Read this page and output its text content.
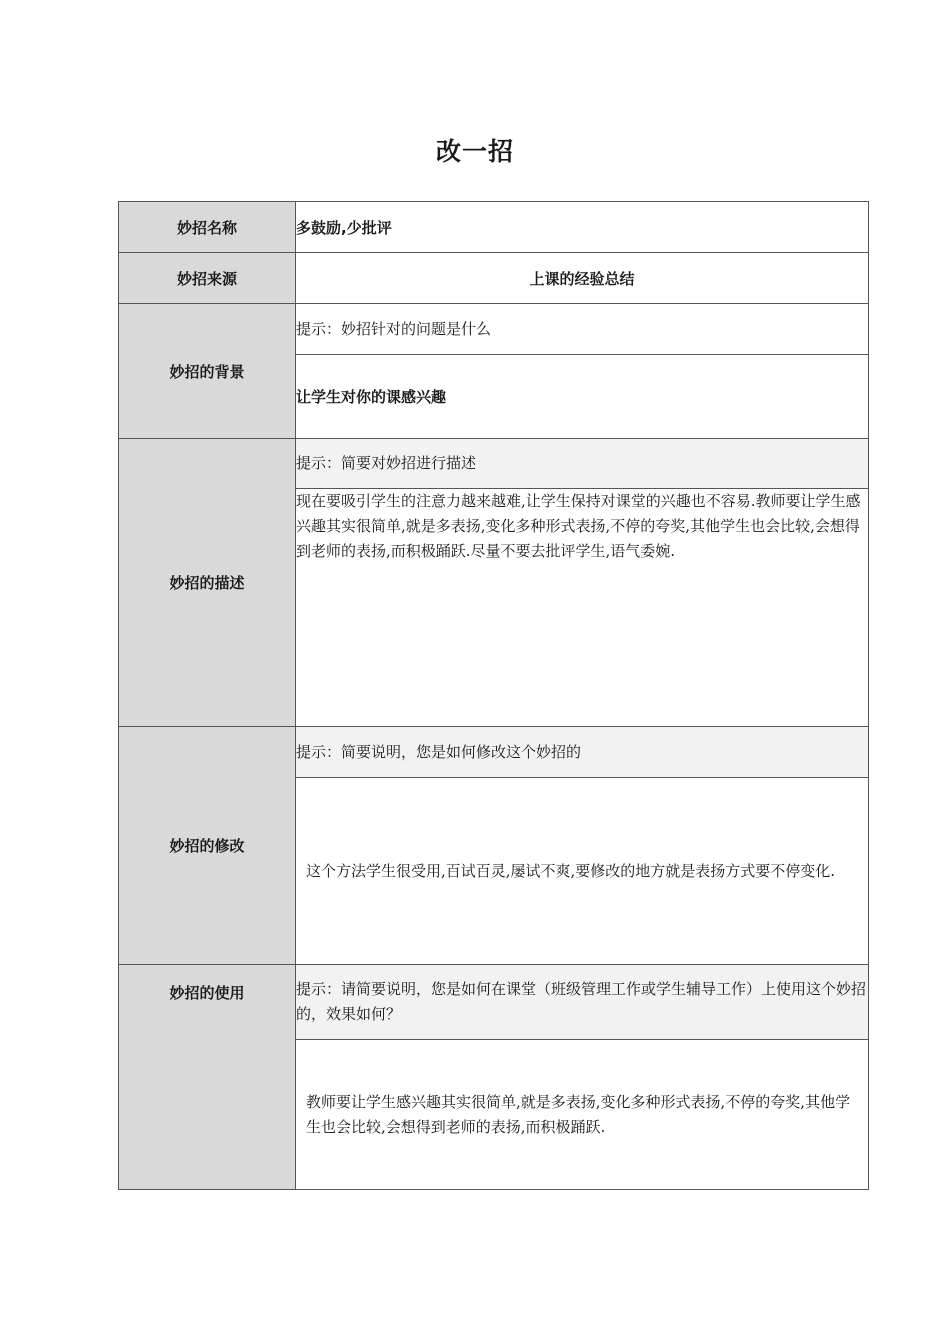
改一招
妙招名称	多鼓励,少批评
妙招来源	上课的经验总结
妙招的背景	提示：妙招针对的问题是什么
	让学生对你的课感兴趣
妙招的描述	提示：简要对妙招进行描述
	现在要吸引学生的注意力越来越难,让学生保持对课堂的兴趣也不容易.教师要让学生感兴趣其实很简单,就是多表扬,变化多种形式表扬,不停的夸奖,其他学生也会比较,会想得到老师的表扬,而积极踊跃.尽量不要去批评学生,语气委婉.
妙招的修改	提示：简要说明，您是如何修改这个妙招的
	这个方法学生很受用,百试百灵,屡试不爽,要修改的地方就是表扬方式要不停变化.
妙招的使用	提示：请简要说明，您是如何在课堂（班级管理工作或学生辅导工作）上使用这个妙招的，效果如何？
	教师要让学生感兴趣其实很简单,就是多表扬,变化多种形式表扬,不停的夸奖,其他学生也会比较,会想得到老师的表扬,而积极踊跃.
